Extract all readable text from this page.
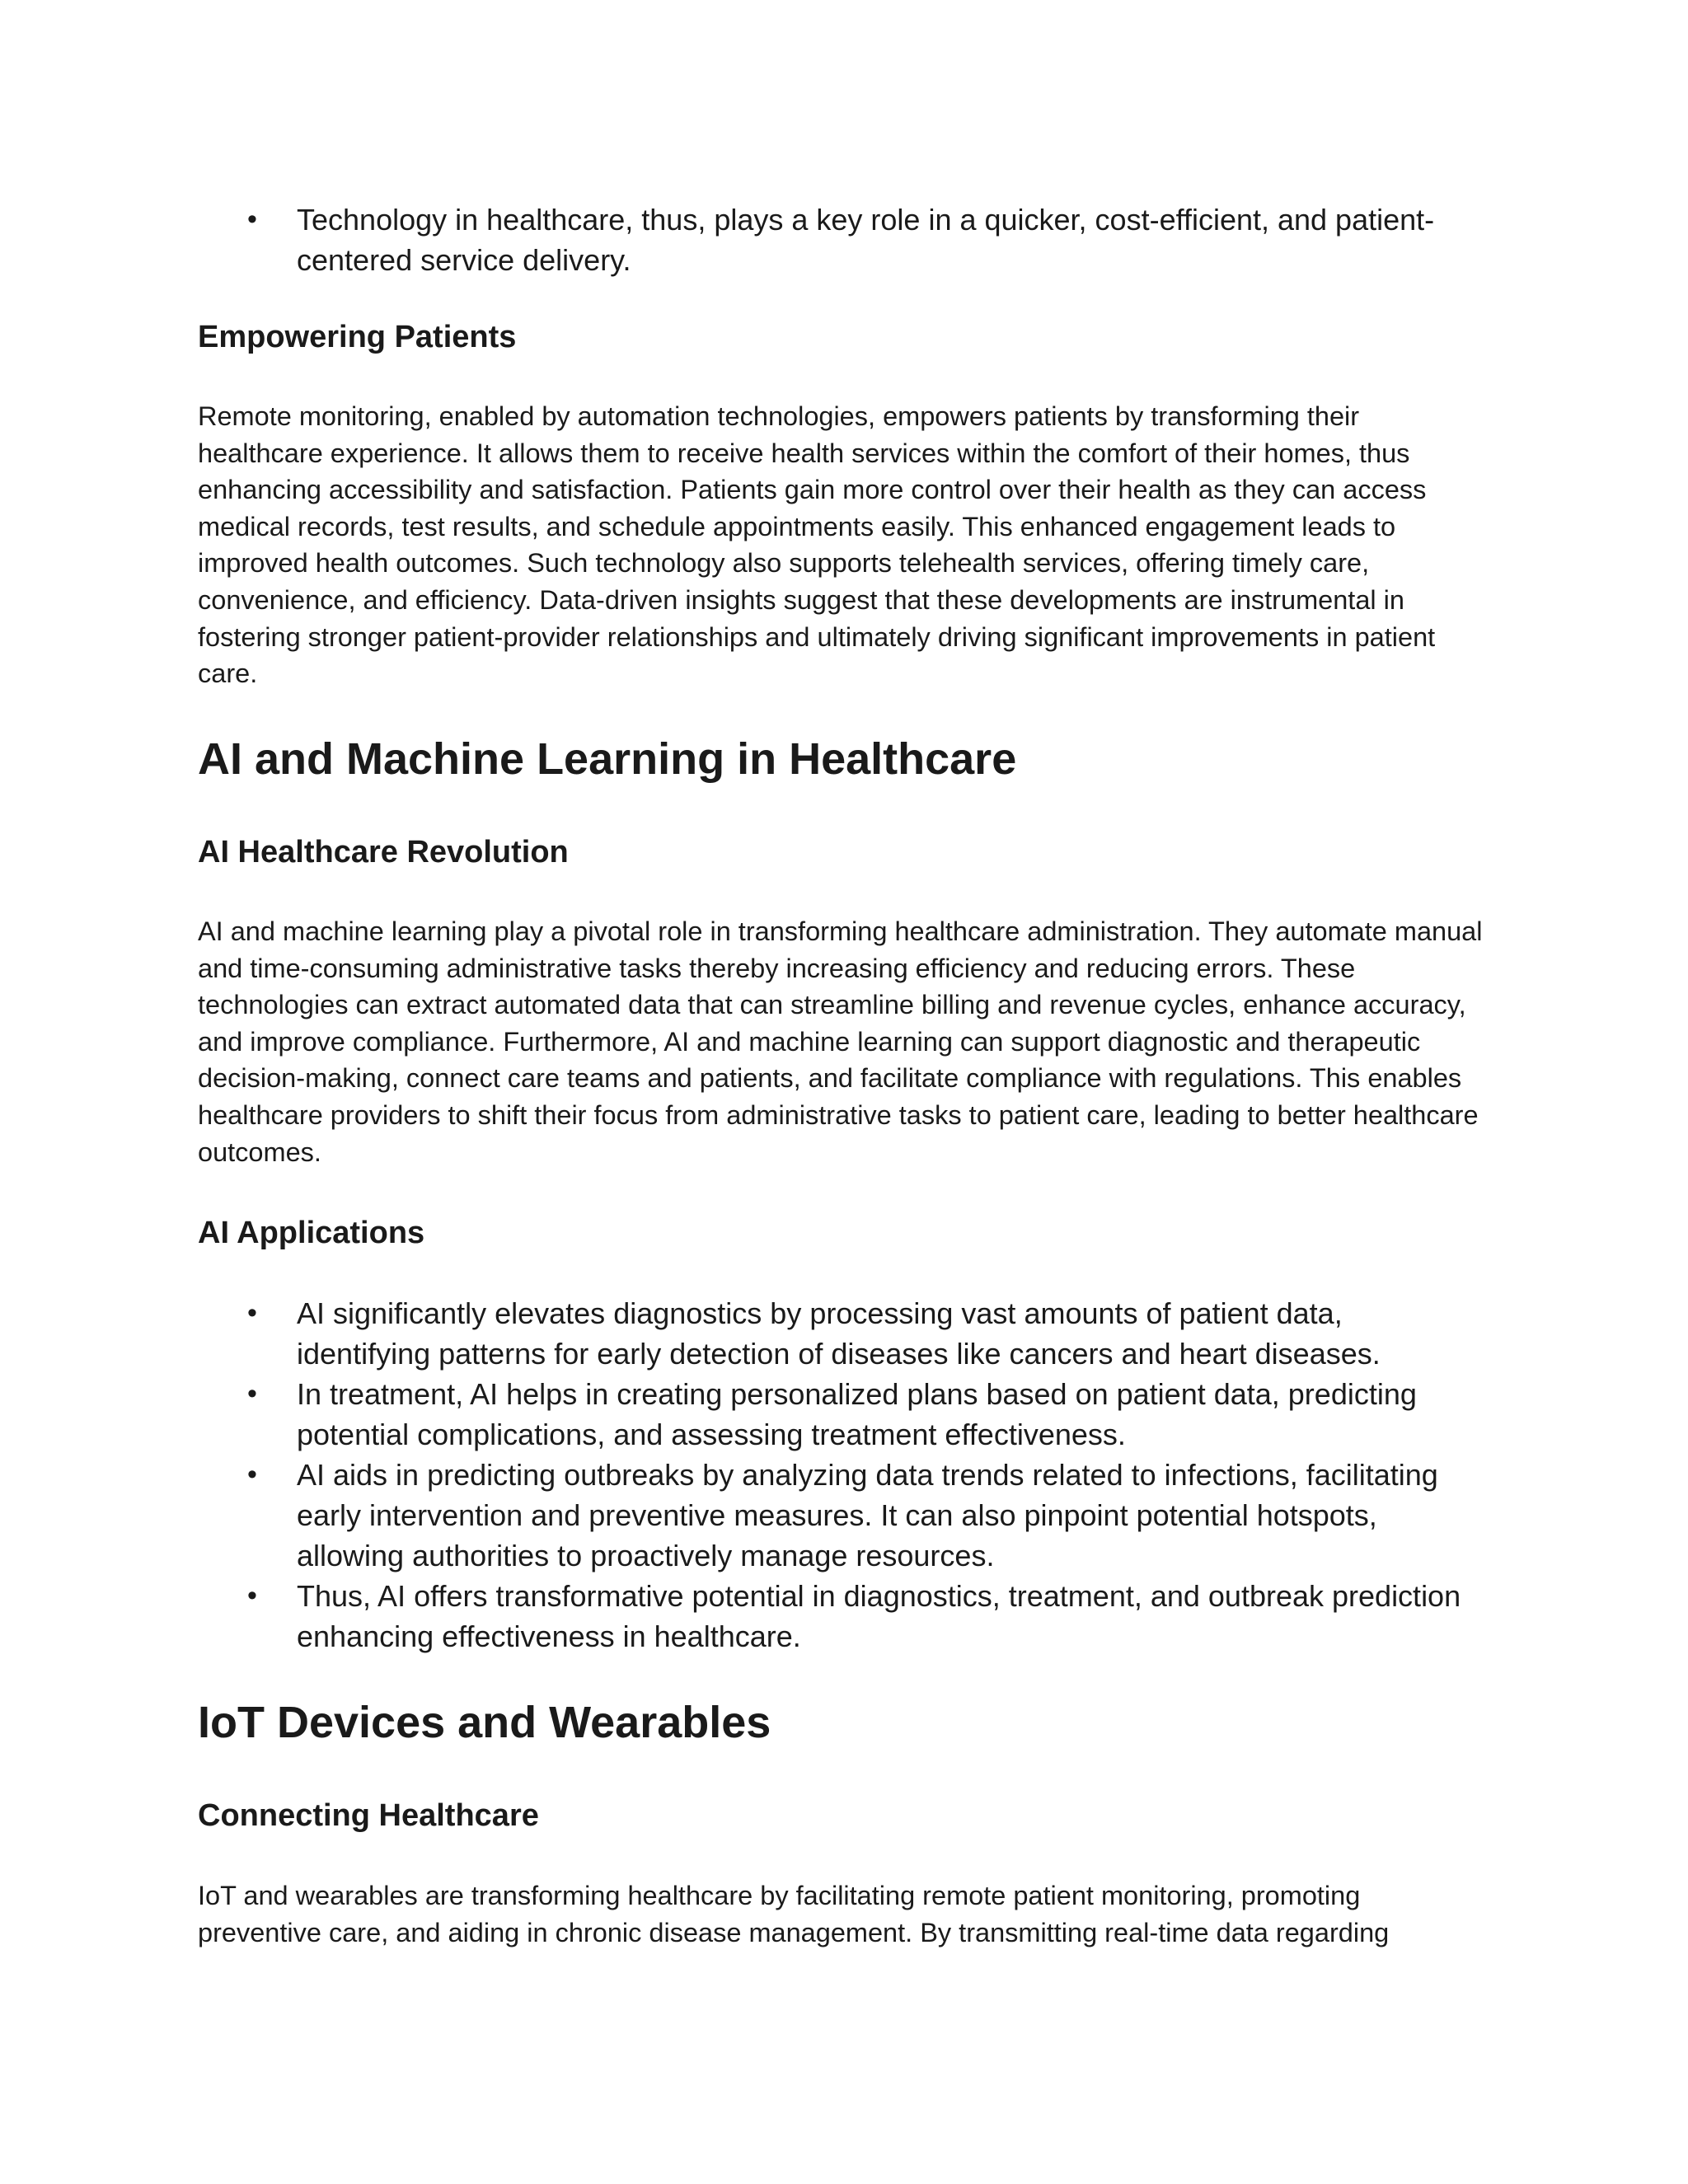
• Technology in healthcare, thus, plays a key role in a quicker, cost-efficient, and patient-centered service delivery.
Empowering Patients

Remote monitoring, enabled by automation technologies, empowers patients by transforming their healthcare experience. It allows them to receive health services within the comfort of their homes, thus enhancing accessibility and satisfaction. Patients gain more control over their health as they can access medical records, test results, and schedule appointments easily. This enhanced engagement leads to improved health outcomes. Such technology also supports telehealth services, offering timely care, convenience, and efficiency. Data-driven insights suggest that these developments are instrumental in fostering stronger patient-provider relationships and ultimately driving significant improvements in patient care.

AI and Machine Learning in Healthcare
AI Healthcare Revolution

AI and machine learning play a pivotal role in transforming healthcare administration. They automate manual and time-consuming administrative tasks thereby increasing efficiency and reducing errors. These technologies can extract automated data that can streamline billing and revenue cycles, enhance accuracy, and improve compliance. Furthermore, AI and machine learning can support diagnostic and therapeutic decision-making, connect care teams and patients, and facilitate compliance with regulations. This enables healthcare providers to shift their focus from administrative tasks to patient care, leading to better healthcare outcomes.

AI Applications
• AI significantly elevates diagnostics by processing vast amounts of patient data, identifying patterns for early detection of diseases like cancers and heart diseases.
• In treatment, AI helps in creating personalized plans based on patient data, predicting potential complications, and assessing treatment effectiveness.
• AI aids in predicting outbreaks by analyzing data trends related to infections, facilitating early intervention and preventive measures. It can also pinpoint potential hotspots, allowing authorities to proactively manage resources.
• Thus, AI offers transformative potential in diagnostics, treatment, and outbreak prediction enhancing effectiveness in healthcare.
IoT Devices and Wearables
Connecting Healthcare

IoT and wearables are transforming healthcare by facilitating remote patient monitoring, promoting preventive care, and aiding in chronic disease management. By transmitting real-time data regarding
